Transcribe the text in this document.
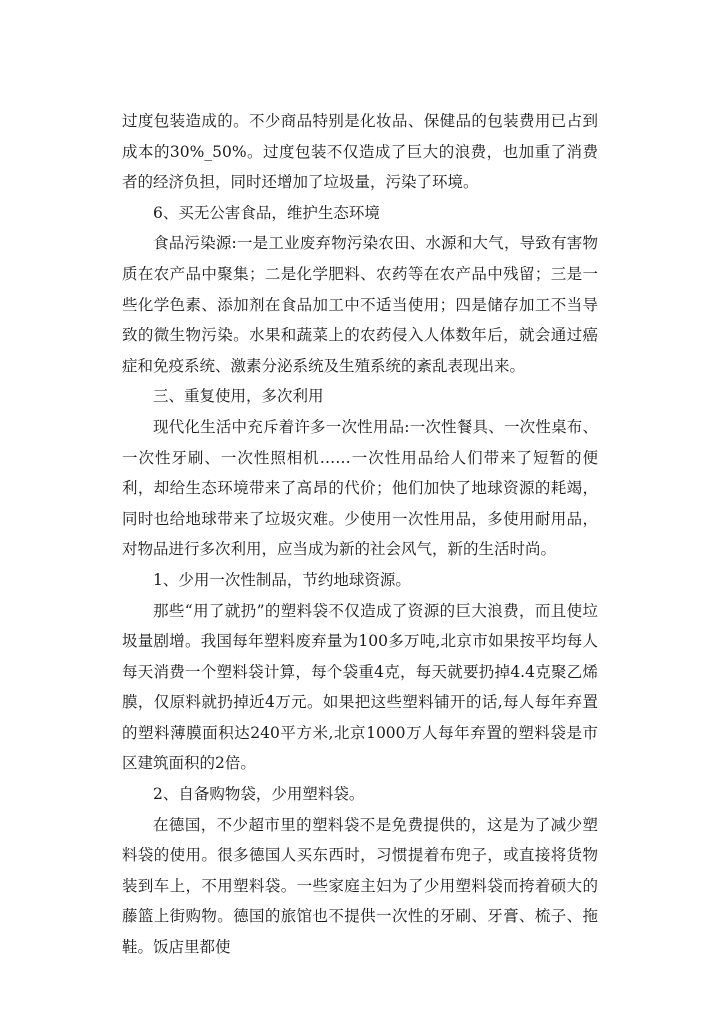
过度包装造成的。不少商品特别是化妆品、保健品的包装费用已占到成本的30%_50%。过度包装不仅造成了巨大的浪费，也加重了消费者的经济负担，同时还增加了垃圾量，污染了环境。

6、买无公害食品，维护生态环境

食品污染源:一是工业废弃物污染农田、水源和大气，导致有害物质在农产品中聚集；二是化学肥料、农药等在农产品中残留；三是一些化学色素、添加剂在食品加工中不适当使用；四是储存加工不当导致的微生物污染。水果和蔬菜上的农药侵入人体数年后，就会通过癌症和免疫系统、激素分泌系统及生殖系统的紊乱表现出来。

三、重复使用，多次利用

现代化生活中充斥着许多一次性用品:一次性餐具、一次性桌布、一次性牙刷、一次性照相机……一次性用品给人们带来了短暂的便利，却给生态环境带来了高昂的代价；他们加快了地球资源的耗竭，同时也给地球带来了垃圾灾难。少使用一次性用品，多使用耐用品，对物品进行多次利用，应当成为新的社会风气，新的生活时尚。

1、少用一次性制品，节约地球资源。

那些“用了就扔”的塑料袋不仅造成了资源的巨大浪费，而且使垃圾量剧增。我国每年塑料废弃量为100多万吨,北京市如果按平均每人每天消费一个塑料袋计算，每个袋重4克，每天就要扔掉4.4克聚乙烯膜，仅原料就扔掉近4万元。如果把这些塑料铺开的话,每人每年弃置的塑料薄膜面积达240平方米,北京1000万人每年弃置的塑料袋是市区建筑面积的2倍。

2、自备购物袋，少用塑料袋。

在德国，不少超市里的塑料袋不是免费提供的，这是为了减少塑料袋的使用。很多德国人买东西时，习惯提着布兜子，或直接将货物装到车上，不用塑料袋。一些家庭主妇为了少用塑料袋而挎着硕大的藤篮上街购物。德国的旅馆也不提供一次性的牙刷、牙膏、梳子、拖鞋。饭店里都使
